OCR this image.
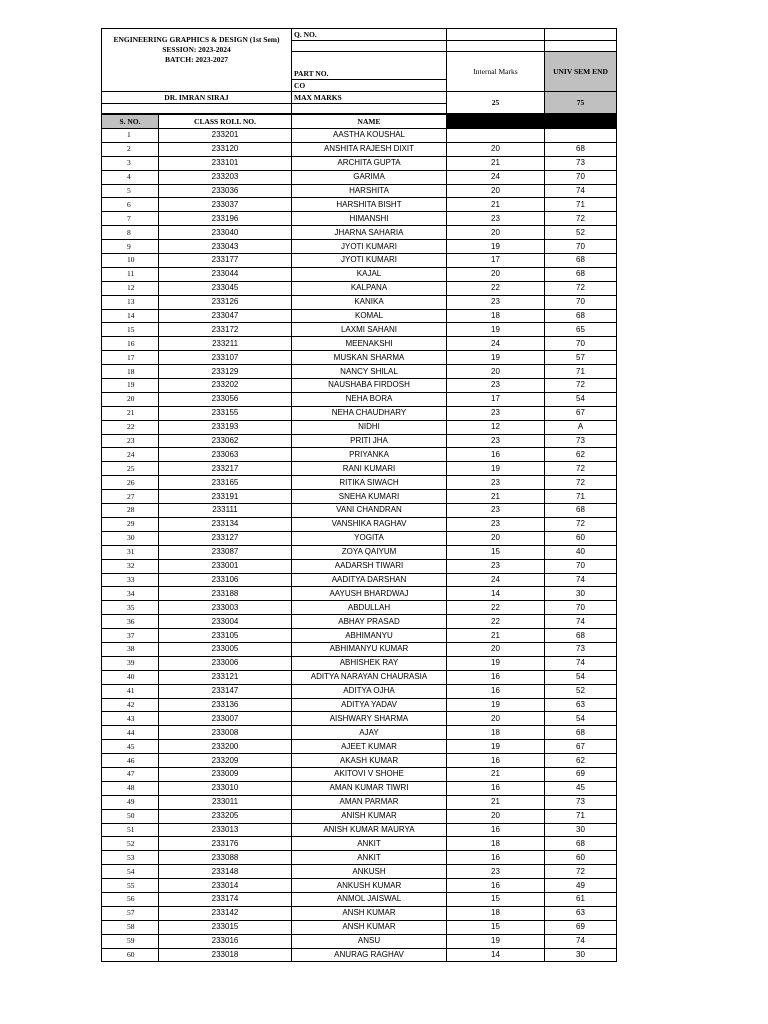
ENGINEERING GRAPHICS & DESIGN (1st Sem)
SESSION: 2023-2024
BATCH: 2023-2027	Q. NO.		

	PART NO.	Internal Marks	UNIV SEM END
	CO		
DR. IMRAN SIRAJ	MAX MARKS	25	75

S. NO.	CLASS ROLL NO.	NAME		
1	233201	AASTHA KOUSHAL		
2	233120	ANSHITA RAJESH DIXIT	20	68
3	233101	ARCHITA GUPTA	21	73
4	233203	GARIMA	24	70
5	233036	HARSHITA	20	74
6	233037	HARSHITA BISHT	21	71
7	233196	HIMANSHI	23	72
8	233040	JHARNA SAHARIA	20	52
9	233043	JYOTI KUMARI	19	70
10	233177	JYOTI KUMARI	17	68
11	233044	KAJAL	20	68
12	233045	KALPANA	22	72
13	233126	KANIKA	23	70
14	233047	KOMAL	18	68
15	233172	LAXMI SAHANI	19	65
16	233211	MEENAKSHI	24	70
17	233107	MUSKAN SHARMA	19	57
18	233129	NANCY SHILAL	20	71
19	233202	NAUSHABA FIRDOSH	23	72
20	233056	NEHA BORA	17	54
21	233155	NEHA CHAUDHARY	23	67
22	233193	NIDHI	12	A
23	233062	PRITI JHA	23	73
24	233063	PRIYANKA	16	62
25	233217	RANI KUMARI	19	72
26	233165	RITIKA SIWACH	23	72
27	233191	SNEHA KUMARI	21	71
28	233111	VANI CHANDRAN	23	68
29	233134	VANSHIKA RAGHAV	23	72
30	233127	YOGITA	20	60
31	233087	ZOYA QAIYUM	15	40
32	233001	AADARSH TIWARI	23	70
33	233106	AADITYA DARSHAN	24	74
34	233188	AAYUSH BHARDWAJ	14	30
35	233003	ABDULLAH	22	70
36	233004	ABHAY PRASAD	22	74
37	233105	ABHIMANYU	21	68
38	233005	ABHIMANYU KUMAR	20	73
39	233006	ABHISHEK RAY	19	74
40	233121	ADITYA NARAYAN CHAURASIA	16	54
41	233147	ADITYA OJHA	16	52
42	233136	ADITYA YADAV	19	63
43	233007	AISHWARY SHARMA	20	54
44	233008	AJAY	18	68
45	233200	AJEET KUMAR	19	67
46	233209	AKASH KUMAR	16	62
47	233009	AKITOVI V SHOHE	21	69
48	233010	AMAN KUMAR TIWRI	16	45
49	233011	AMAN PARMAR	21	73
50	233205	ANISH KUMAR	20	71
51	233013	ANISH KUMAR MAURYA	16	30
52	233176	ANKIT	18	68
53	233088	ANKIT	16	60
54	233148	ANKUSH	23	72
55	233014	ANKUSH KUMAR	16	49
56	233174	ANMOL JAISWAL	15	61
57	233142	ANSH KUMAR	18	63
58	233015	ANSH KUMAR	15	69
59	233016	ANSU	19	74
60	233018	ANURAG RAGHAV	14	30
